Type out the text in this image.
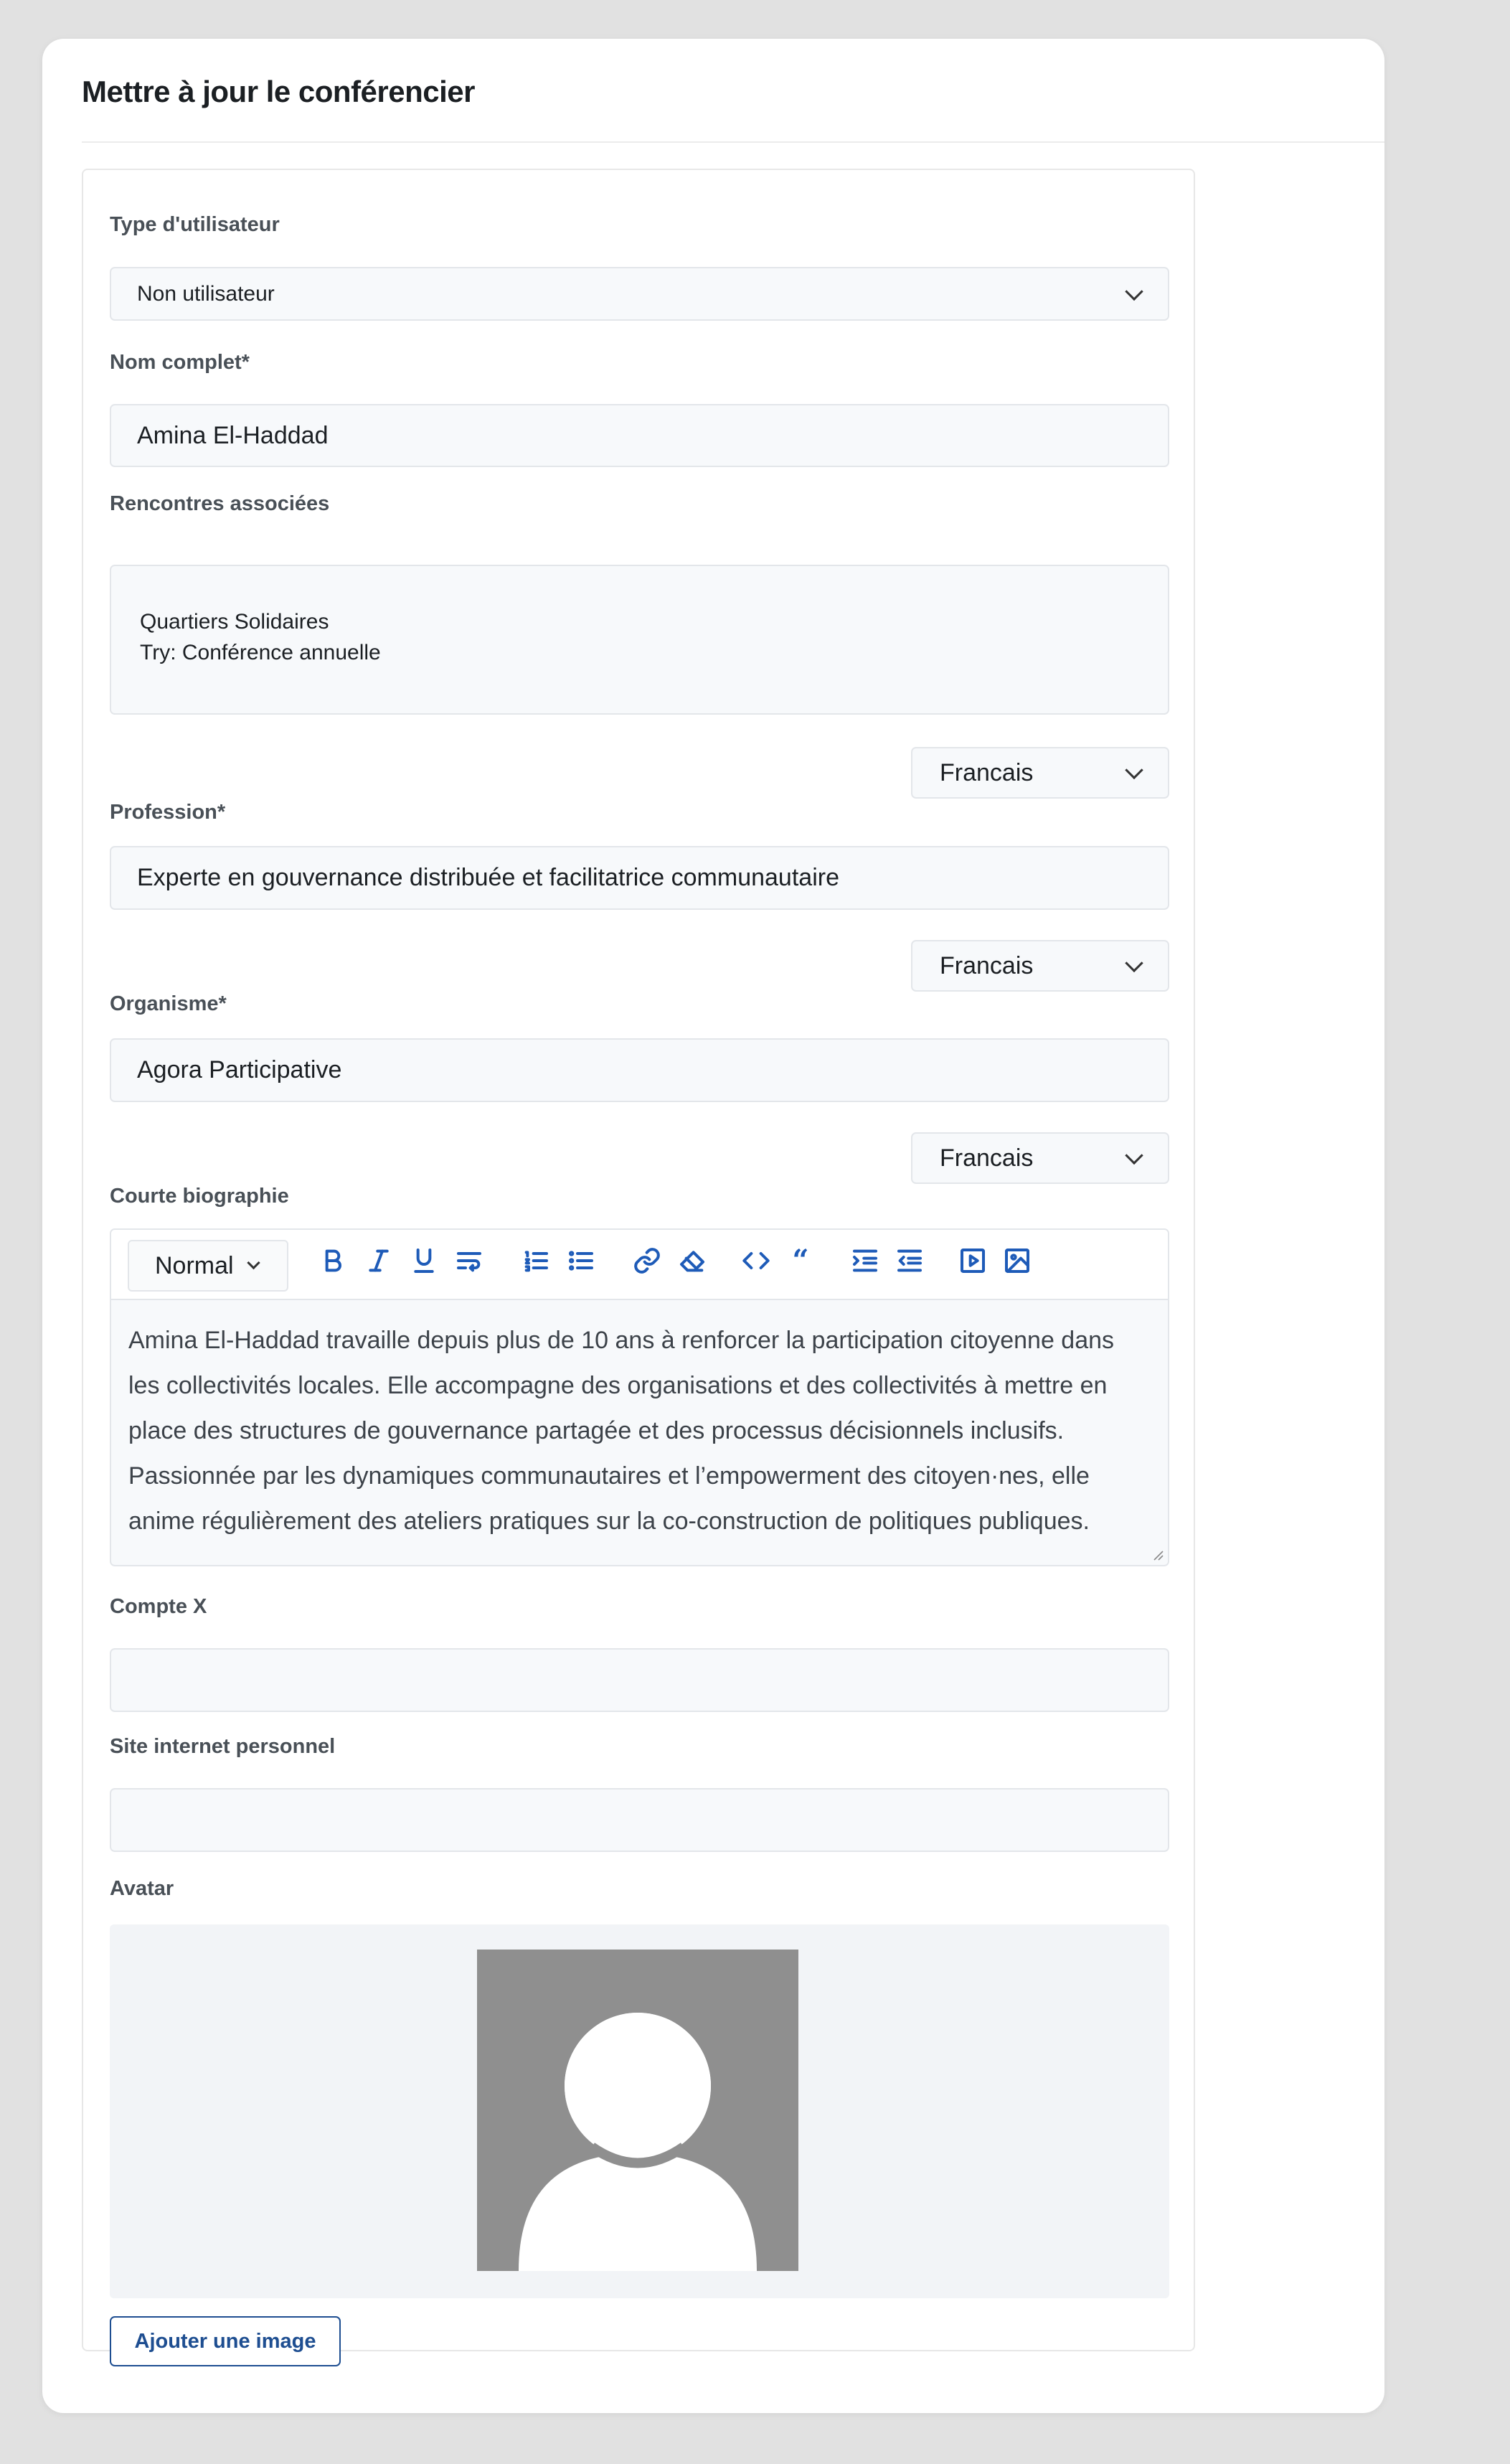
Mettre à jour le conférencier
Type d'utilisateur
Non utilisateur
Nom complet*
Amina El-Haddad
Rencontres associées
Quartiers Solidaires
Try: Conférence annuelle
Francais
Profession*
Experte en gouvernance distribuée et facilitatrice communautaire
Francais
Organisme*
Agora Participative
Francais
Courte biographie
Normal	“
Amina El-Haddad travaille depuis plus de 10 ans à renforcer la participation citoyenne dans les collectivités locales. Elle accompagne des organisations et des collectivités à mettre en place des structures de gouvernance partagée et des processus décisionnels inclusifs. Passionnée par les dynamiques communautaires et l’empowerment des citoyen·nes, elle anime régulièrement des ateliers pratiques sur la co-construction de politiques publiques.
Compte X
Site internet personnel
Avatar
Ajouter une image
